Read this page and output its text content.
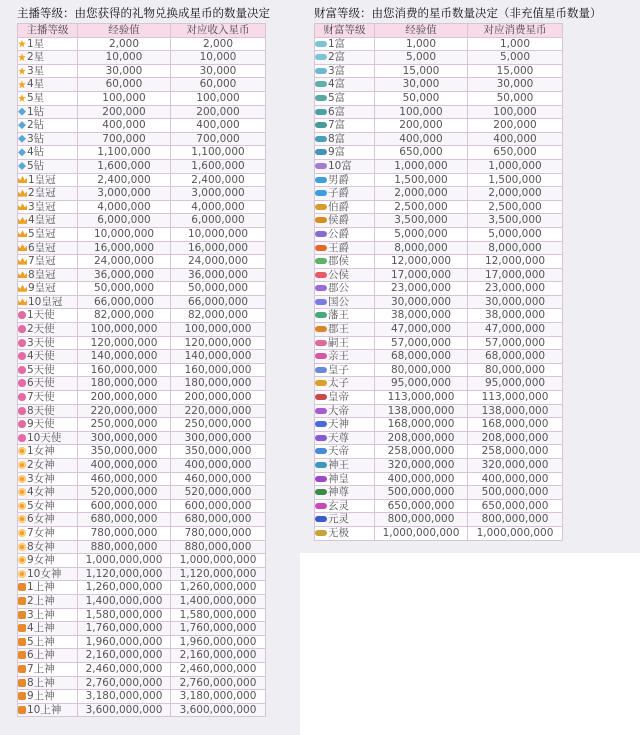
主播等级：由您获得的礼物兑换成星币的数量决定
主播等级	经验值	对应收入星币
1星	2,000	2,000
2星	10,000	10,000
3星	30,000	30,000
4星	60,000	60,000
5星	100,000	100,000
1钻	200,000	200,000
2钻	400,000	400,000
3钻	700,000	700,000
4钻	1,100,000	1,100,000
5钻	1,600,000	1,600,000
1皇冠	2,400,000	2,400,000
2皇冠	3,000,000	3,000,000
3皇冠	4,000,000	4,000,000
4皇冠	6,000,000	6,000,000
5皇冠	10,000,000	10,000,000
6皇冠	16,000,000	16,000,000
7皇冠	24,000,000	24,000,000
8皇冠	36,000,000	36,000,000
9皇冠	50,000,000	50,000,000
10皇冠	66,000,000	66,000,000
1天使	82,000,000	82,000,000
2天使	100,000,000	100,000,000
3天使	120,000,000	120,000,000
4天使	140,000,000	140,000,000
5天使	160,000,000	160,000,000
6天使	180,000,000	180,000,000
7天使	200,000,000	200,000,000
8天使	220,000,000	220,000,000
9天使	250,000,000	250,000,000
10天使	300,000,000	300,000,000
1女神	350,000,000	350,000,000
2女神	400,000,000	400,000,000
3女神	460,000,000	460,000,000
4女神	520,000,000	520,000,000
5女神	600,000,000	600,000,000
6女神	680,000,000	680,000,000
7女神	780,000,000	780,000,000
8女神	880,000,000	880,000,000
9女神	1,000,000,000	1,000,000,000
10女神	1,120,000,000	1,120,000,000
1上神	1,260,000,000	1,260,000,000
2上神	1,400,000,000	1,400,000,000
3上神	1,580,000,000	1,580,000,000
4上神	1,760,000,000	1,760,000,000
5上神	1,960,000,000	1,960,000,000
6上神	2,160,000,000	2,160,000,000
7上神	2,460,000,000	2,460,000,000
8上神	2,760,000,000	2,760,000,000
9上神	3,180,000,000	3,180,000,000
10上神	3,600,000,000	3,600,000,000
财富等级：由您消费的星币数量决定（非充值星币数量）
财富等级	经验值	对应消费星币
1富	1,000	1,000
2富	5,000	5,000
3富	15,000	15,000
4富	30,000	30,000
5富	50,000	50,000
6富	100,000	100,000
7富	200,000	200,000
8富	400,000	400,000
9富	650,000	650,000
10富	1,000,000	1,000,000
男爵	1,500,000	1,500,000
子爵	2,000,000	2,000,000
伯爵	2,500,000	2,500,000
侯爵	3,500,000	3,500,000
公爵	5,000,000	5,000,000
王爵	8,000,000	8,000,000
郡侯	12,000,000	12,000,000
公侯	17,000,000	17,000,000
郡公	23,000,000	23,000,000
国公	30,000,000	30,000,000
藩王	38,000,000	38,000,000
郡王	47,000,000	47,000,000
嗣王	57,000,000	57,000,000
亲王	68,000,000	68,000,000
皇子	80,000,000	80,000,000
太子	95,000,000	95,000,000
皇帝	113,000,000	113,000,000
大帝	138,000,000	138,000,000
天神	168,000,000	168,000,000
天尊	208,000,000	208,000,000
天帝	258,000,000	258,000,000
神王	320,000,000	320,000,000
神皇	400,000,000	400,000,000
神尊	500,000,000	500,000,000
玄灵	650,000,000	650,000,000
元灵	800,000,000	800,000,000
无极	1,000,000,000	1,000,000,000
